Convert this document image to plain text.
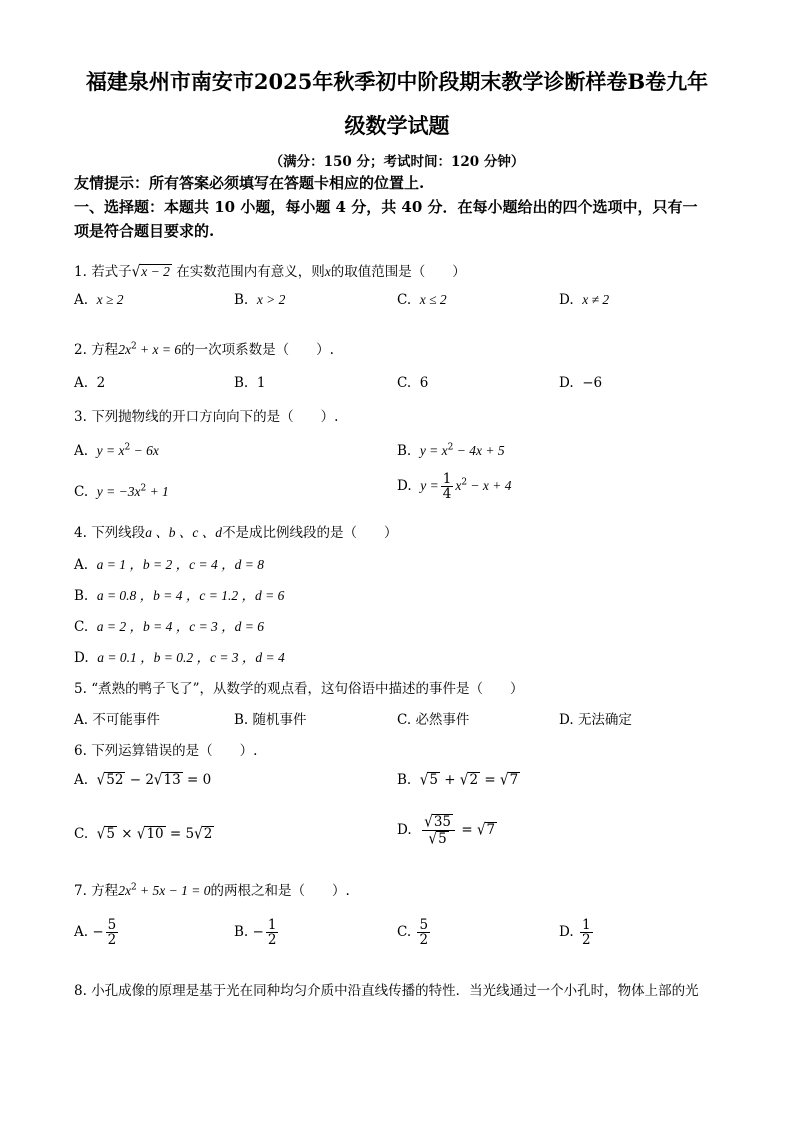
福建泉州市南安市2025年秋季初中阶段期末教学诊断样卷B卷九年
级数学试题
（满分：150 分；考试时间：120 分钟）
友情提示：所有答案必须填写在答题卡相应的位置上.
一、选择题：本题共 10 小题，每小题 4 分，共 40 分．在每小题给出的四个选项中，只有一
项是符合题目要求的.
1. 若式子√x − 2 在实数范围内有意义，则x的取值范围是（　　）
A. x ≥ 2	B. x > 2	C. x ≤ 2	D. x ≠ 2
2. 方程$2x^2 + x = 6$的一次项系数是（　　）.
A. 2	B. 1	C. 6	D. −6
3. 下列抛物线的开口方向向下的是（　　）.
A. $y = x^2 - 6x$	B. $y = x^2 - 4x + 5$
C. $y = -3x^2 + 1$	D. $y = \frac{1}{4} x^2 - x + 4$
4. 下列线段a 、b 、c 、d不是成比例线段的是（　　）
A. a = 1 ，b = 2 ，c = 4 ，d = 8
B. a = 0.8 ，b = 4 ，c = 1.2 ，d = 6
C. a = 2 ，b = 4 ，c = 3 ，d = 6
D. a = 0.1 ，b = 0.2 ，c = 3 ，d = 4
5. “煮熟的鸭子飞了”，从数学的观点看，这句俗语中描述的事件是（　　）
A. 不可能事件	B. 随机事件	C. 必然事件	D. 无法确定
6. 下列运算错误的是（　　）.
A. √52 − 2√13 = 0	B. √5 + √2 = √7
C. √5 × √10 = 5√2	D. $\frac{√35}{√5} = √7$
7. 方程$2x^2 + 5x - 1 = 0$的两根之和是（　　）.
A. − $\frac{5}{2}$	B. − $\frac{1}{2}$	C. $\frac{5}{2}$	D. $\frac{1}{2}$
8. 小孔成像的原理是基于光在同种均匀介质中沿直线传播的特性．当光线通过一个小孔时，物体上部的光
